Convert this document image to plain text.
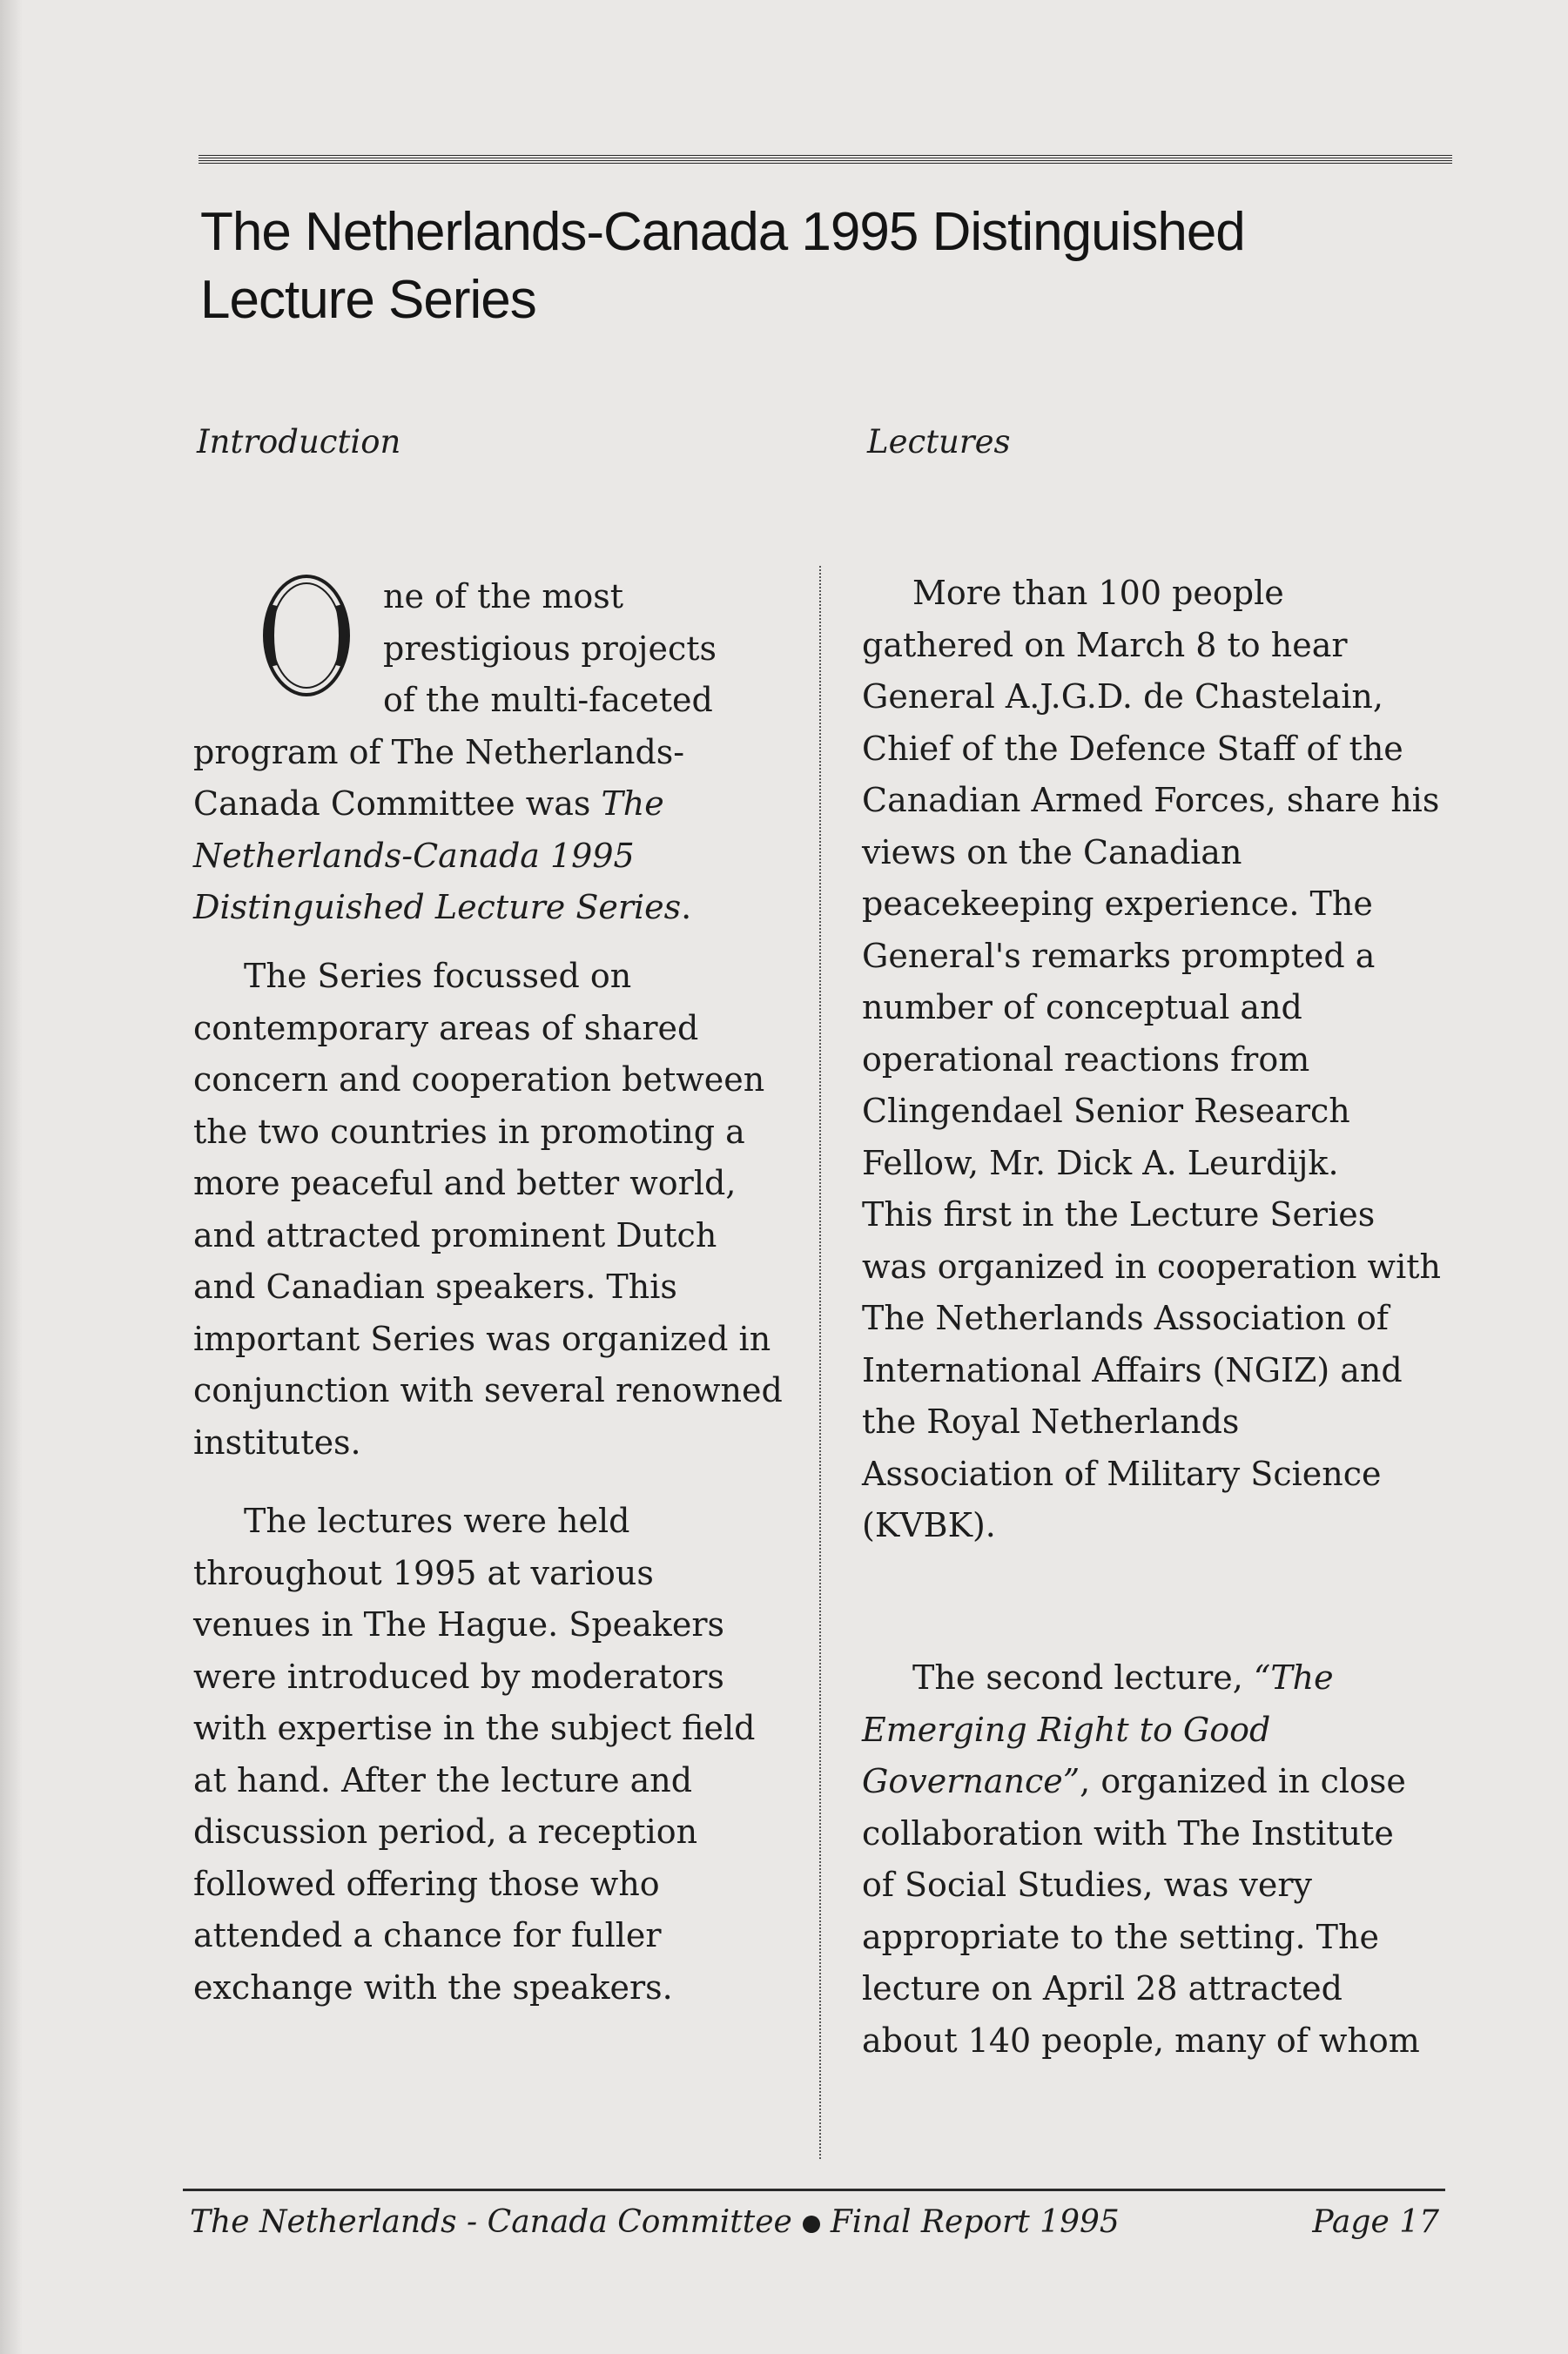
The Netherlands-Canada 1995 Distinguished
Lecture Series
Introduction
ne of the most
prestigious projects
of the multi-faceted
program of The Netherlands-
Canada Committee was The
Netherlands-Canada 1995
Distinguished Lecture Series.
The Series focussed on
contemporary areas of shared
concern and cooperation between
the two countries in promoting a
more peaceful and better world,
and attracted prominent Dutch
and Canadian speakers. This
important Series was organized in
conjunction with several renowned
institutes.
The lectures were held
throughout 1995 at various
venues in The Hague. Speakers
were introduced by moderators
with expertise in the subject field
at hand. After the lecture and
discussion period, a reception
followed offering those who
attended a chance for fuller
exchange with the speakers.
Lectures
More than 100 people
gathered on March 8 to hear
General A.J.G.D. de Chastelain,
Chief of the Defence Staff of the
Canadian Armed Forces, share his
views on the Canadian
peacekeeping experience. The
General's remarks prompted a
number of conceptual and
operational reactions from
Clingendael Senior Research
Fellow, Mr. Dick A. Leurdijk.
This first in the Lecture Series
was organized in cooperation with
The Netherlands Association of
International Affairs (NGIZ) and
the Royal Netherlands
Association of Military Science
(KVBK).
The second lecture, “The
Emerging Right to Good
Governance”, organized in close
collaboration with The Institute
of Social Studies, was very
appropriate to the setting. The
lecture on April 28 attracted
about 140 people, many of whom
The Netherlands - Canada Committee Final Report 1995	Page 17
